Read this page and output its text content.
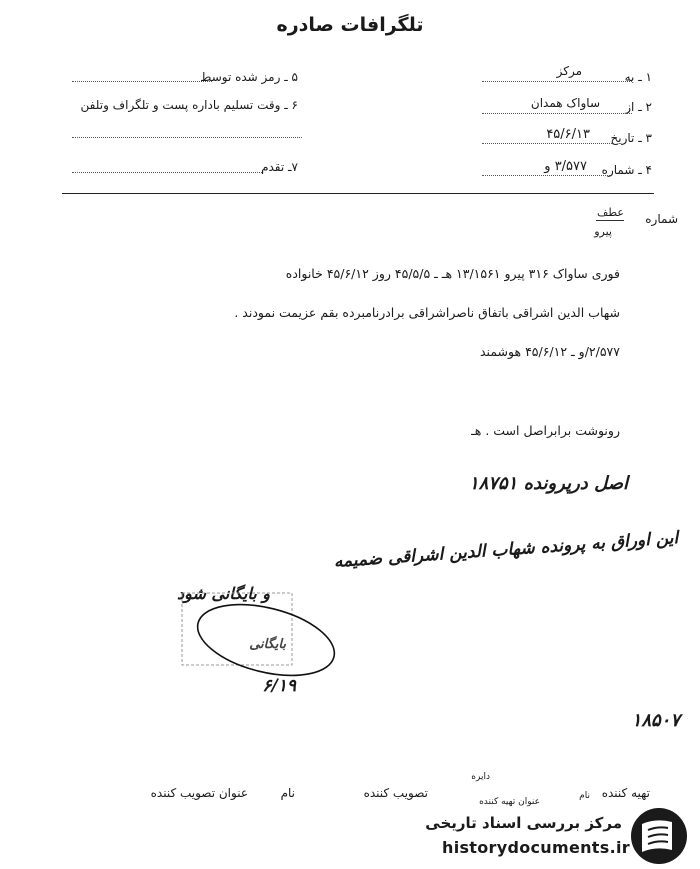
تلگرافات صادره
۱ ـ به
مرکز
۲ ـ از
ساواک همدان
۳ ـ تاریخ
۴۵/۶/۱۳
۴ ـ شماره
۳/۵۷۷ و
۵ ـ رمز شده توسط
۶ ـ وقت تسلیم باداره پست و تلگراف وتلفن
۷ـ تقدم
شماره
عطف
پیرو
فوری ساواک ۳۱۶ پیرو ۱۳/۱۵۶۱ هـ ـ ۴۵/۵/۵ روز ۴۵/۶/۱۲ خانواده
شهاب الدین اشراقی باتفاق ناصراشراقی برادرنامبرده بقم عزیمت نمودند .
۲/۵۷۷/و ـ ۴۵/۶/۱۲ هوشمند
رونوشت برابراصل است . هـ
اصل درپرونده ۱۸۷۵۱
این اوراق به پرونده شهاب الدین اشراقی ضمیمه
و بایگانی شود
بایگانی
۶/۱۹
۱۸۵۰۷
تهیه کننده
نام
دایره
عنوان تهیه کننده
تصویب کننده
نام
عنوان تصویب کننده
مرکز بررسی اسناد تاریخی
historydocuments.ir
